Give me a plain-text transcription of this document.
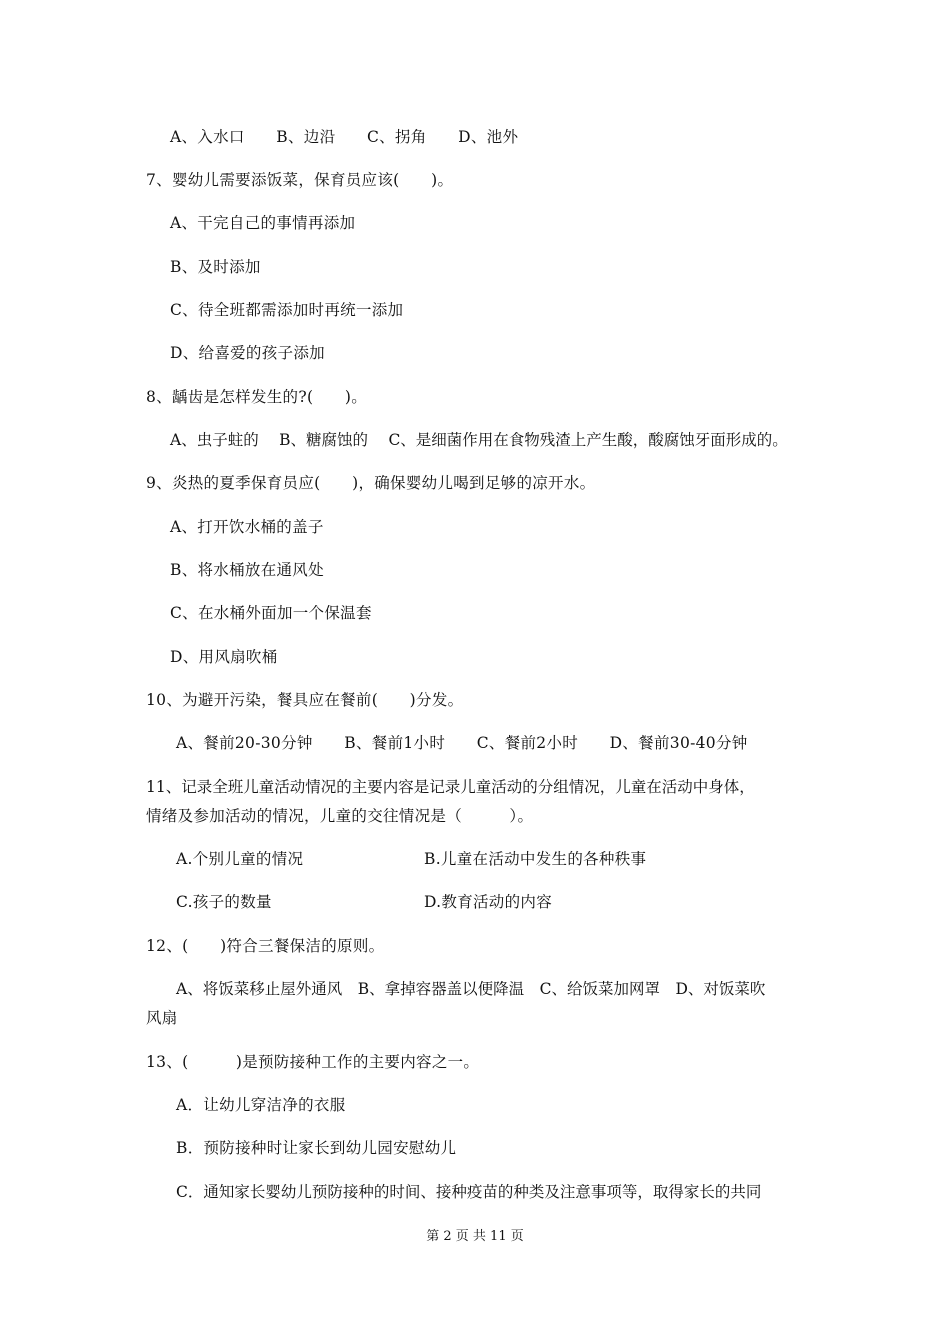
A、入水口　　B、边沿　　C、拐角　　D、池外
7、婴幼儿需要添饭菜，保育员应该(　　)。
A、干完自己的事情再添加
B、及时添加
C、待全班都需添加时再统一添加
D、给喜爱的孩子添加
8、龋齿是怎样发生的?(　　)。
A、虫子蛀的　 B、糖腐蚀的　 C、是细菌作用在食物残渣上产生酸，酸腐蚀牙面形成的。
9、炎热的夏季保育员应(　　)，确保婴幼儿喝到足够的凉开水。
A、打开饮水桶的盖子
B、将水桶放在通风处
C、在水桶外面加一个保温套
D、用风扇吹桶
10、为避开污染，餐具应在餐前(　　)分发。
A、餐前20-30分钟　　B、餐前1小时　　C、餐前2小时　　D、餐前30-40分钟
11、记录全班儿童活动情况的主要内容是记录儿童活动的分组情况，儿童在活动中身体，
情绪及参加活动的情况，儿童的交往情况是（　　　）。
A.个别儿童的情况	B.儿童在活动中发生的各种秩事
C.孩子的数量	D.教育活动的内容
12、(　　)符合三餐保洁的原则。
A、将饭菜移止屋外通风　B、拿掉容器盖以便降温　C、给饭菜加网罩　D、对饭菜吹
风扇
13、(　　　)是预防接种工作的主要内容之一。
A．让幼儿穿洁净的衣服
B．预防接种时让家长到幼儿园安慰幼儿
C．通知家长婴幼儿预防接种的时间、接种疫苗的种类及注意事项等，取得家长的共同
第 2 页 共 11 页
